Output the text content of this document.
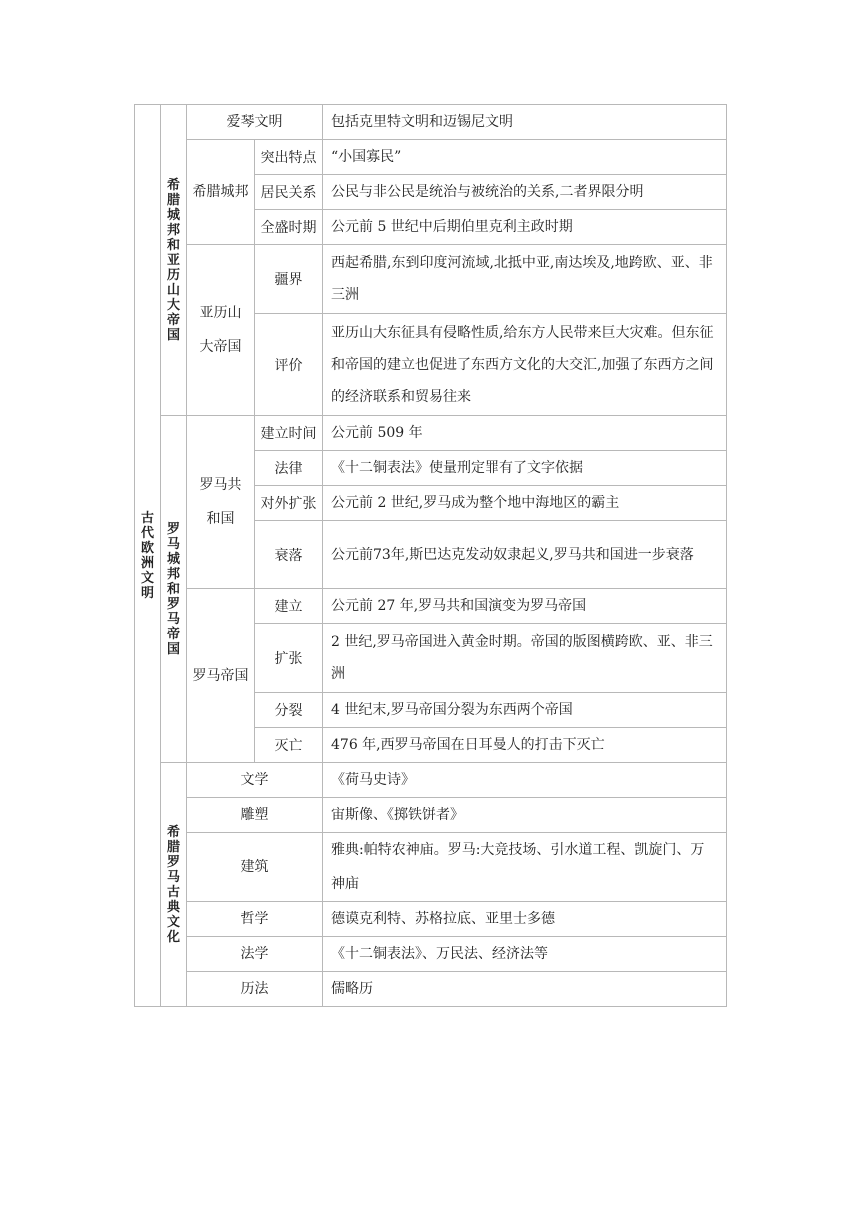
古代欧洲文明	希腊城邦和亚历山大帝国	爱琴文明		包括克里特文明和迈锡尼文明
		希腊城邦	突出特点	“小国寡民”
			居民关系	公民与非公民是统治与被统治的关系,二者界限分明
			全盛时期	公元前 5 世纪中后期伯里克利主政时期
		亚历山大帝国	疆界	西起希腊,东到印度河流域,北抵中亚,南达埃及,地跨欧、亚、非三洲

			评价	亚历山大东征具有侵略性质,给东方人民带来巨大灾难。但东征和帝国的建立也促进了东西方文化的大交汇,加强了东西方之间的经济联系和贸易往来

	罗马城邦和罗马帝国	罗马共和国	建立时间	公元前 509 年
			法律	《十二铜表法》使量刑定罪有了文字依据
			对外扩张	公元前 2 世纪,罗马成为整个地中海地区的霸主
			衰落	公元前73年,斯巴达克发动奴隶起义,罗马共和国进一步衰落

		罗马帝国	建立	公元前 27 年,罗马共和国演变为罗马帝国
			扩张	2 世纪,罗马帝国进入黄金时期。帝国的版图横跨欧、亚、非三洲

			分裂	4 世纪末,罗马帝国分裂为东西两个帝国
			灭亡	476 年,西罗马帝国在日耳曼人的打击下灭亡
	希腊罗马古典文化	文学		《荷马史诗》
		雕塑		宙斯像、《掷铁饼者》
		建筑		雅典:帕特农神庙。罗马:大竞技场、引水道工程、凯旋门、万神庙
		哲学		德谟克利特、苏格拉底、亚里士多德
		法学		《十二铜表法》、万民法、经济法等
		历法		儒略历
